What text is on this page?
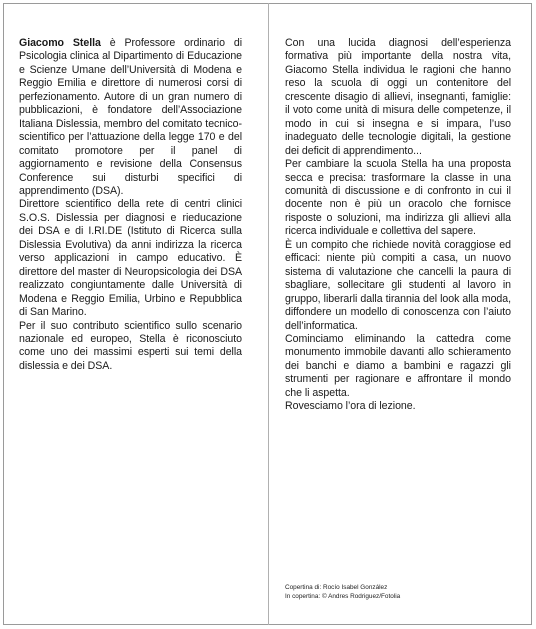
Giacomo Stella è Professore ordinario di Psicologia clinica al Dipartimento di Educazione e Scienze Umane dell’Università di Modena e Reggio Emilia e direttore di numerosi corsi di perfezionamento. Autore di un gran numero di pubblicazioni, è fondatore dell’Associazione Italiana Dislessia, membro del comitato tecnico-scientifico per l’attuazione della legge 170 e del comitato promotore per il panel di aggiornamento e revisione della Consensus Conference sui disturbi specifici di apprendimento (DSA).

Direttore scientifico della rete di centri clinici S.O.S. Dislessia per diagnosi e rieducazione dei DSA e di I.RI.DE (Istituto di Ricerca sulla Dislessia Evolutiva) da anni indirizza la ricerca verso applicazioni in campo educativo. È direttore del master di Neuropsicologia dei DSA realizzato congiuntamente dalle Università di Modena e Reggio Emilia, Urbino e Repubblica di San Marino.

Per il suo contributo scientifico sullo scenario nazionale ed europeo, Stella è riconosciuto come uno dei massimi esperti sui temi della dislessia e dei DSA.

Con una lucida diagnosi dell’esperienza formativa più importante della nostra vita, Giacomo Stella individua le ragioni che hanno reso la scuola di oggi un contenitore del crescente disagio di allievi, insegnanti, famiglie: il voto come unità di misura delle competenze, il modo in cui si insegna e si impara, l’uso inadeguato delle tecnologie digitali, la gestione dei deficit di apprendimento...

Per cambiare la scuola Stella ha una proposta secca e precisa: trasformare la classe in una comunità di discussione e di confronto in cui il docente non è più un oracolo che fornisce risposte o soluzioni, ma indirizza gli allievi alla ricerca individuale e collettiva del sapere.

È un compito che richiede novità coraggiose ed efficaci: niente più compiti a casa, un nuovo sistema di valutazione che cancelli la paura di sbagliare, sollecitare gli studenti al lavoro in gruppo, liberarli dalla tirannia del look alla moda, diffondere un modello di conoscenza con l’aiuto dell’informatica.

Cominciamo eliminando la cattedra come monumento immobile davanti allo schieramento dei banchi e diamo a bambini e ragazzi gli strumenti per ragionare e affrontare il mondo che li aspetta.

Rovesciamo l’ora di lezione.

Copertina di: Rocío Isabel González
In copertina: © Andres Rodriguez/Fotolia
